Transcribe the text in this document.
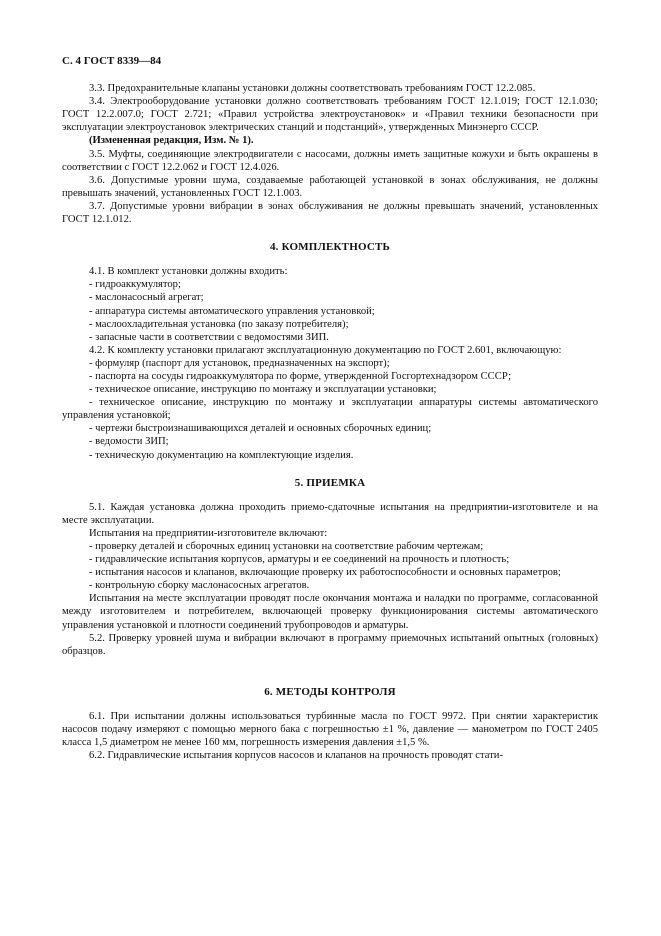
С. 4 ГОСТ 8339—84

3.3. Предохранительные клапаны установки должны соответствовать требованиям ГОСТ 12.2.085.

3.4. Электрооборудование установки должно соответствовать требованиям ГОСТ 12.1.019; ГОСТ 12.1.030; ГОСТ 12.2.007.0; ГОСТ 2.721; «Правил устройства электроустановок» и «Правил техники безопасности при эксплуатации электроустановок электрических станций и подстанций», утвержденных Минэнерго СССР.

(Измененная редакция, Изм. № 1).

3.5. Муфты, соединяющие электродвигатели с насосами, должны иметь защитные кожухи и быть окрашены в соответствии с ГОСТ 12.2.062 и ГОСТ 12.4.026.

3.6. Допустимые уровни шума, создаваемые работающей установкой в зонах обслуживания, не должны превышать значений, установленных ГОСТ 12.1.003.

3.7. Допустимые уровни вибрации в зонах обслуживания не должны превышать значений, установленных ГОСТ 12.1.012.

4. КОМПЛЕКТНОСТЬ

4.1. В комплект установки должны входить:

- гидроаккумулятор;

- маслонасосный агрегат;

- аппаратура системы автоматического управления установкой;

- маслоохладительная установка (по заказу потребителя);

- запасные части в соответствии с ведомостями ЗИП.

4.2. К комплекту установки прилагают эксплуатационную документацию по ГОСТ 2.601, включающую:

- формуляр (паспорт для установок, предназначенных на экспорт);

- паспорта на сосуды гидроаккумулятора по форме, утвержденной Госгортехнадзором СССР;

- техническое описание, инструкцию по монтажу и эксплуатации установки;

- техническое описание, инструкцию по монтажу и эксплуатации аппаратуры системы автоматического управления установкой;

- чертежи быстроизнашивающихся деталей и основных сборочных единиц;

- ведомости ЗИП;

- техническую документацию на комплектующие изделия.

5. ПРИЕМКА

5.1. Каждая установка должна проходить приемо-сдаточные испытания на предприятии-изготовителе и на месте эксплуатации.

Испытания на предприятии-изготовителе включают:

- проверку деталей и сборочных единиц установки на соответствие рабочим чертежам;

- гидравлические испытания корпусов, арматуры и ее соединений на прочность и плотность;

- испытания насосов и клапанов, включающие проверку их работоспособности и основных параметров;

- контрольную сборку маслонасосных агрегатов.

Испытания на месте эксплуатации проводят после окончания монтажа и наладки по программе, согласованной между изготовителем и потребителем, включающей проверку функционирования системы автоматического управления установкой и плотности соединений трубопроводов и арматуры.

5.2. Проверку уровней шума и вибрации включают в программу приемочных испытаний опытных (головных) образцов.

6. МЕТОДЫ КОНТРОЛЯ

6.1. При испытании должны использоваться турбинные масла по ГОСТ 9972. При снятии характеристик насосов подачу измеряют с помощью мерного бака с погрешностью ±1 %, давление — манометром по ГОСТ 2405 класса 1,5 диаметром не менее 160 мм, погрешность измерения давления ±1,5 %.

6.2. Гидравлические испытания корпусов насосов и клапанов на прочность проводят стати-
